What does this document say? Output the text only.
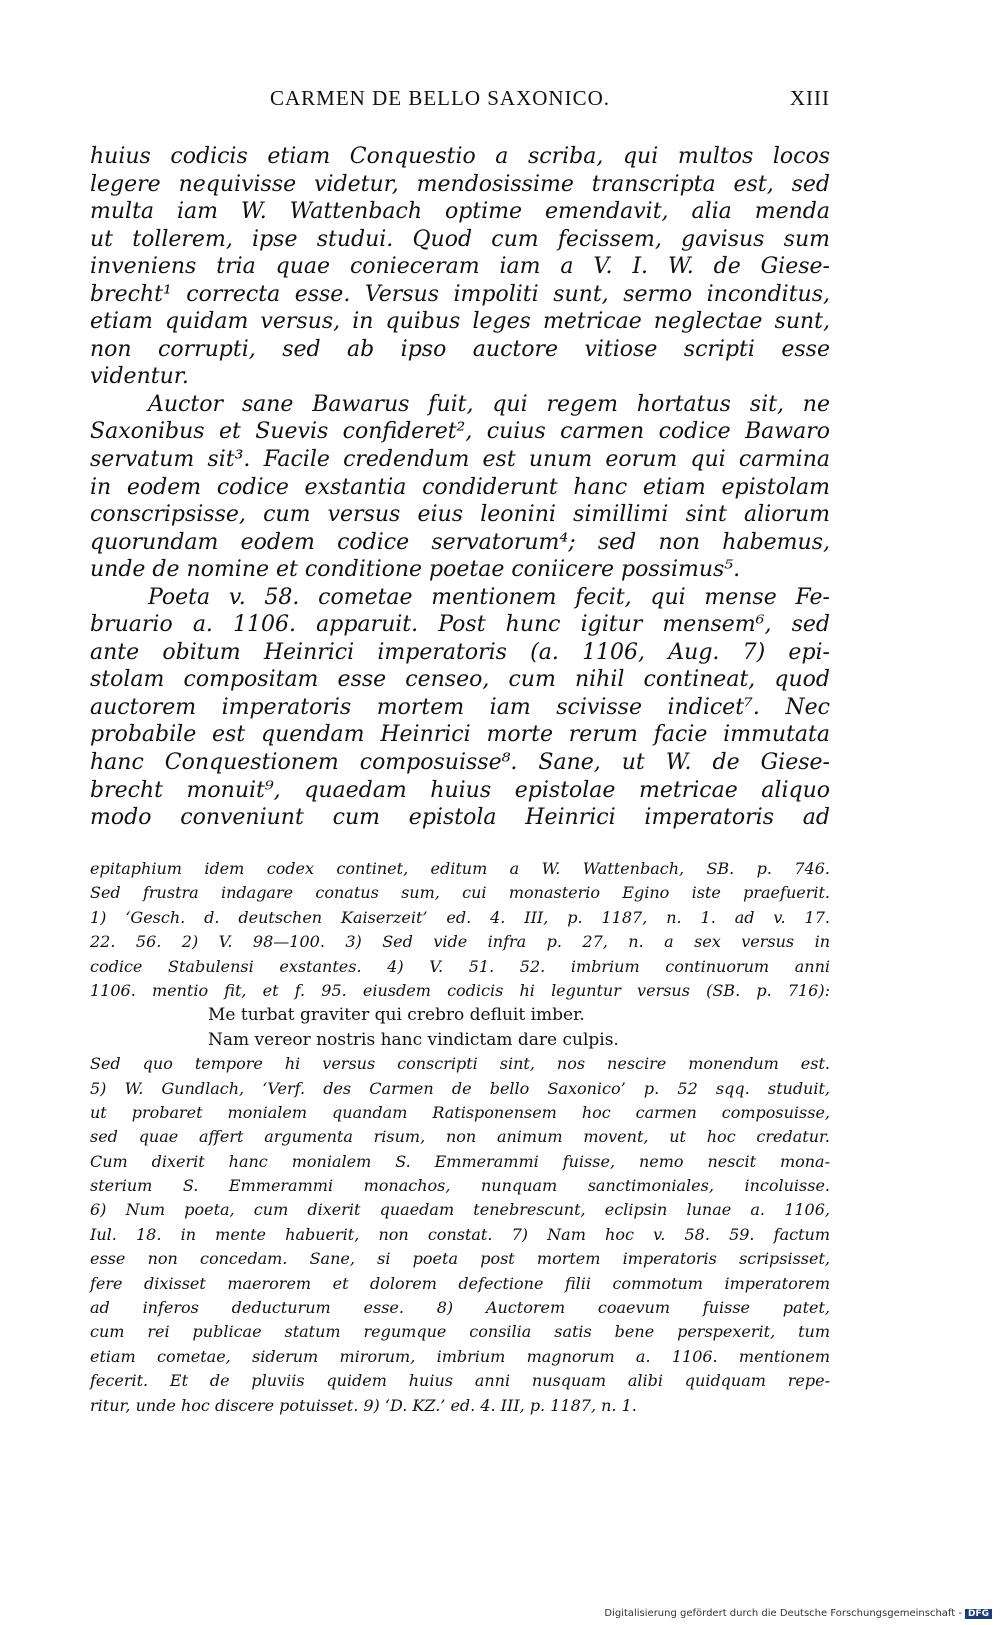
CARMEN DE BELLO SAXONICO.	XIII
huius codicis etiam Conquestio a scriba, qui multos locos
legere nequivisse videtur, mendosissime transcripta est, sed
multa iam W. Wattenbach optime emendavit, alia menda
ut tollerem, ipse studui. Quod cum fecissem, gavisus sum
inveniens tria quae conieceram iam a V. I. W. de Giese-
brecht¹ correcta esse. Versus impoliti sunt, sermo inconditus,
etiam quidam versus, in quibus leges metricae neglectae sunt,
non corrupti, sed ab ipso auctore vitiose scripti esse
videntur.
Auctor sane Bawarus fuit, qui regem hortatus sit, ne
Saxonibus et Suevis confideret², cuius carmen codice Bawaro
servatum sit³. Facile credendum est unum eorum qui carmina
in eodem codice exstantia condiderunt hanc etiam epistolam
conscripsisse, cum versus eius leonini simillimi sint aliorum
quorundam eodem codice servatorum⁴; sed non habemus,
unde de nomine et conditione poetae coniicere possimus⁵.
Poeta v. 58. cometae mentionem fecit, qui mense Fe-
bruario a. 1106. apparuit. Post hunc igitur mensem⁶, sed
ante obitum Heinrici imperatoris (a. 1106, Aug. 7) epi-
stolam compositam esse censeo, cum nihil contineat, quod
auctorem imperatoris mortem iam scivisse indicet⁷. Nec
probabile est quendam Heinrici morte rerum facie immutata
hanc Conquestionem composuisse⁸. Sane, ut W. de Giese-
brecht monuit⁹, quaedam huius epistolae metricae aliquo
modo conveniunt cum epistola Heinrici imperatoris ad
epitaphium idem codex continet, editum a W. Wattenbach, SB. p. 746.
Sed frustra indagare conatus sum, cui monasterio Egino iste praefuerit.
1) ‘Gesch. d. deutschen Kaiserzeit’ ed. 4. III, p. 1187, n. 1. ad v. 17.
22. 56. 2) V. 98—100. 3) Sed vide infra p. 27, n. a sex versus in
codice Stabulensi exstantes. 4) V. 51. 52. imbrium continuorum anni
1106. mentio fit, et f. 95. eiusdem codicis hi leguntur versus (SB. p. 716):
Me turbat graviter qui crebro defluit imber.
Nam vereor nostris hanc vindictam dare culpis.
Sed quo tempore hi versus conscripti sint, nos nescire monendum est.
5) W. Gundlach, ‘Verf. des Carmen de bello Saxonico’ p. 52 sqq. studuit,
ut probaret monialem quandam Ratisponensem hoc carmen composuisse,
sed quae affert argumenta risum, non animum movent, ut hoc credatur.
Cum dixerit hanc monialem S. Emmerammi fuisse, nemo nescit mona-
sterium S. Emmerammi monachos, nunquam sanctimoniales, incoluisse.
6) Num poeta, cum dixerit quaedam tenebrescunt, eclipsin lunae a. 1106,
Iul. 18. in mente habuerit, non constat. 7) Nam hoc v. 58. 59. factum
esse non concedam. Sane, si poeta post mortem imperatoris scripsisset,
fere dixisset maerorem et dolorem defectione filii commotum imperatorem
ad inferos deducturum esse. 8) Auctorem coaevum fuisse patet,
cum rei publicae statum regumque consilia satis bene perspexerit, tum
etiam cometae, siderum mirorum, imbrium magnorum a. 1106. mentionem
fecerit. Et de pluviis quidem huius anni nusquam alibi quidquam repe-
ritur, unde hoc discere potuisset. 9) ‘D. KZ.’ ed. 4. III, p. 1187, n. 1.
Digitalisierung gefördert durch die Deutsche Forschungsgemeinschaft - DFG
